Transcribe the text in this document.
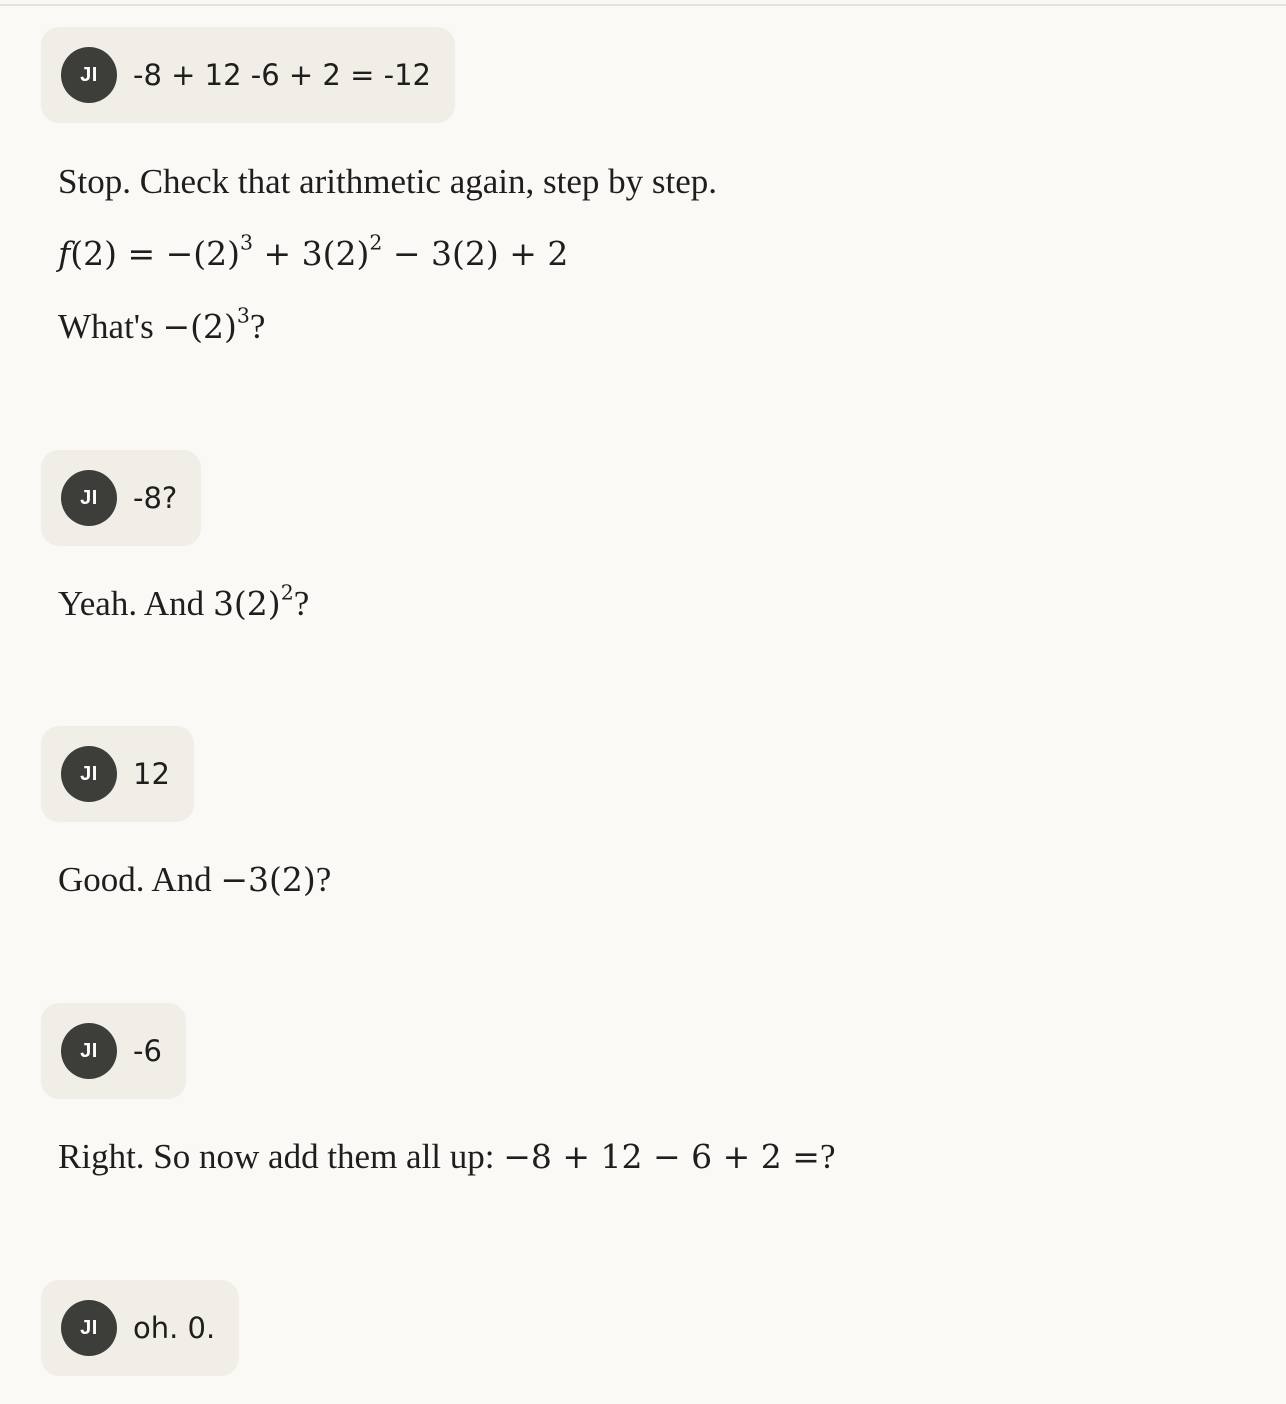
JI	-8 + 12 -6 + 2 = -12
Stop. Check that arithmetic again, step by step.
$f(2) = -(2)^3 + 3(2)^2 - 3(2) + 2$
What's $-(2)^3$?
JI	-8?
Yeah. And $3(2)^2$?
JI	12
Good. And −3(2)?
JI	-6
Right. So now add them all up: −8 + 12 − 6 + 2 =?
JI	oh. 0.
